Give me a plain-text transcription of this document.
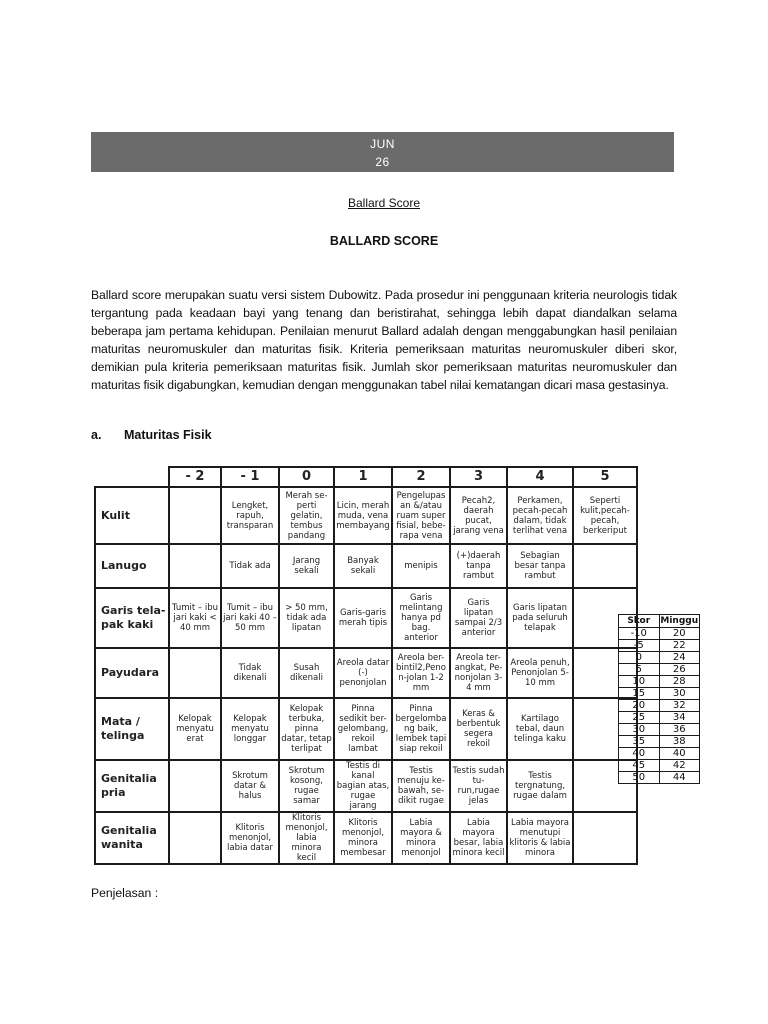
JUN
26
Ballard Score
BALLARD SCORE
Ballard score merupakan suatu versi sistem Dubowitz. Pada prosedur ini penggunaan kriteria neurologis tidak tergantung pada keadaan bayi yang tenang dan beristirahat, sehingga lebih dapat diandalkan selama beberapa jam pertama kehidupan. Penilaian menurut Ballard adalah dengan menggabungkan hasil penilaian maturitas neuromuskuler dan maturitas fisik. Kriteria pemeriksaan maturitas neuromuskuler diberi skor, demikian pula kriteria pemeriksaan maturitas fisik. Jumlah skor pemeriksaan maturitas neuromuskuler dan maturitas fisik digabungkan, kemudian dengan menggunakan tabel nilai kematangan dicari masa gestasinya.
a. Maturitas Fisik
	- 2	- 1	0	1	2	3	4	5
Kulit		Lengket, rapuh, transparan	Merah se-perti gelatin, tembus pandang	Licin, merah muda, vena membayang	Pengelupas an &/atau ruam super fisial, bebe-rapa vena	Pecah2, daerah pucat, jarang vena	Perkamen, pecah-pecah dalam, tidak terlihat vena	Seperti kulit,pecah-pecah, berkeriput
Lanugo		Tidak ada	Jarang sekali	Banyak sekali	menipis	(+)daerah tanpa rambut	Sebagian besar tanpa rambut	
Garis tela-pak kaki	Tumit – ibu jari kaki < 40 mm	Tumit – ibu jari kaki 40 –50 mm	> 50 mm, tidak ada lipatan	Garis-garis merah tipis	Garis melintang hanya pd bag. anterior	Garis lipatan sampai 2/3 anterior	Garis lipatan pada seluruh telapak	
Payudara		Tidak dikenali	Susah dikenali	Areola datar (-) penonjolan	Areola ber-bintil2,Peno n-jolan 1-2 mm	Areola ter-angkat, Pe-nonjolan 3-4 mm	Areola penuh, Penonjolan 5- 10 mm	
Mata / telinga	Kelopak menyatu erat	Kelopak menyatu longgar	Kelopak terbuka, pinna datar, tetap terlipat	Pinna sedikit ber-gelombang, rekoil lambat	Pinna bergelomba ng baik, lembek tapi siap rekoil	Keras & berbentuk segera rekoil	Kartilago tebal, daun telinga kaku	
Genitalia pria		Skrotum datar & halus	Skrotum kosong, rugae samar	Testis di kanal bagian atas, rugae jarang	Testis menuju ke-bawah, se-dikit rugae	Testis sudah tu-run,rugae jelas	Testis tergnatung, rugae dalam	
Genitalia wanita		Klitoris menonjol, labia datar	Klitoris menonjol, labia minora kecil	Klitoris menonjol, minora membesar	Labia mayora & minora menonjol	Labia mayora besar, labia minora kecil	Labia mayora menutupi klitoris & labia minora	
Skor	Minggu
-10	20
-5	22
0	24
5	26
10	28
15	30
20	32
25	34
30	36
35	38
40	40
45	42
50	44
Penjelasan :
